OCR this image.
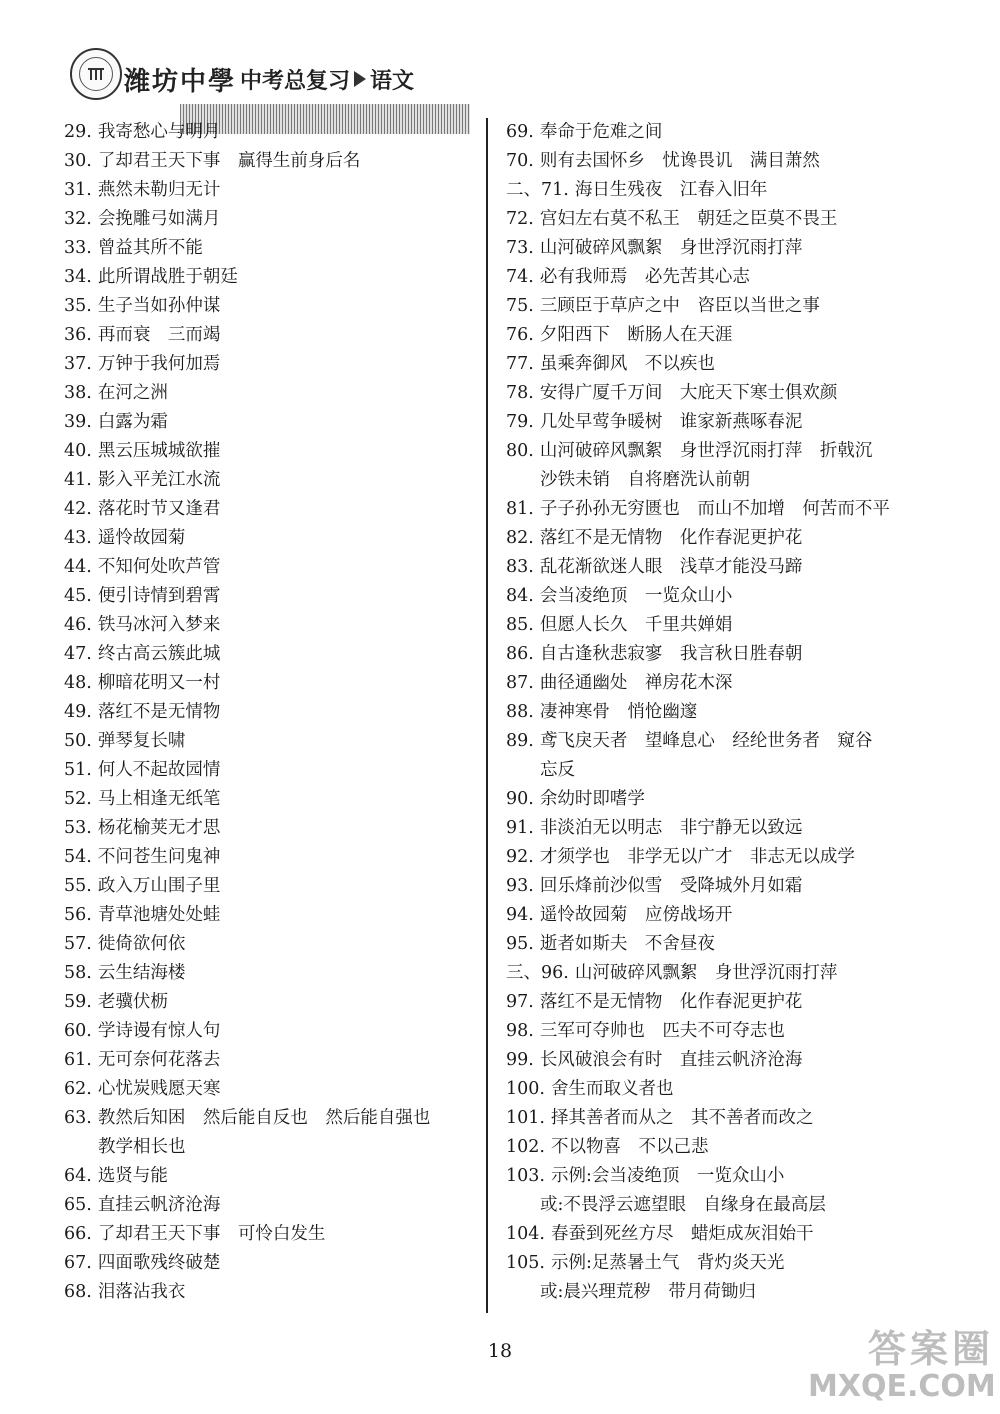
潍坊中學 中考总复习 语文
29. 我寄愁心与明月
30. 了却君王天下事　赢得生前身后名
31. 燕然未勒归无计
32. 会挽雕弓如满月
33. 曾益其所不能
34. 此所谓战胜于朝廷
35. 生子当如孙仲谋
36. 再而衰　三而竭
37. 万钟于我何加焉
38. 在河之洲
39. 白露为霜
40. 黑云压城城欲摧
41. 影入平羌江水流
42. 落花时节又逢君
43. 遥怜故园菊
44. 不知何处吹芦管
45. 便引诗情到碧霄
46. 铁马冰河入梦来
47. 终古高云簇此城
48. 柳暗花明又一村
49. 落红不是无情物
50. 弹琴复长啸
51. 何人不起故园情
52. 马上相逢无纸笔
53. 杨花榆荚无才思
54. 不问苍生问鬼神
55. 政入万山围子里
56. 青草池塘处处蛙
57. 徙倚欲何依
58. 云生结海楼
59. 老骥伏枥
60. 学诗谩有惊人句
61. 无可奈何花落去
62. 心忧炭贱愿天寒
63. 教然后知困　然后能自反也　然后能自强也
教学相长也
64. 选贤与能
65. 直挂云帆济沧海
66. 了却君王天下事　可怜白发生
67. 四面歌残终破楚
68. 泪落沾我衣
69. 奉命于危难之间
70. 则有去国怀乡　忧谗畏讥　满目萧然
二、71. 海日生残夜　江春入旧年
72. 宫妇左右莫不私王　朝廷之臣莫不畏王
73. 山河破碎风飘絮　身世浮沉雨打萍
74. 必有我师焉　必先苦其心志
75. 三顾臣于草庐之中　咨臣以当世之事
76. 夕阳西下　断肠人在天涯
77. 虽乘奔御风　不以疾也
78. 安得广厦千万间　大庇天下寒士俱欢颜
79. 几处早莺争暖树　谁家新燕啄春泥
80. 山河破碎风飘絮　身世浮沉雨打萍　折戟沉
沙铁未销　自将磨洗认前朝
81. 子子孙孙无穷匮也　而山不加增　何苦而不平
82. 落红不是无情物　化作春泥更护花
83. 乱花渐欲迷人眼　浅草才能没马蹄
84. 会当凌绝顶　一览众山小
85. 但愿人长久　千里共婵娟
86. 自古逢秋悲寂寥　我言秋日胜春朝
87. 曲径通幽处　禅房花木深
88. 凄神寒骨　悄怆幽邃
89. 鸢飞戾天者　望峰息心　经纶世务者　窥谷
忘反
90. 余幼时即嗜学
91. 非淡泊无以明志　非宁静无以致远
92. 才须学也　非学无以广才　非志无以成学
93. 回乐烽前沙似雪　受降城外月如霜
94. 遥怜故园菊　应傍战场开
95. 逝者如斯夫　不舍昼夜
三、96. 山河破碎风飘絮　身世浮沉雨打萍
97. 落红不是无情物　化作春泥更护花
98. 三军可夺帅也　匹夫不可夺志也
99. 长风破浪会有时　直挂云帆济沧海
100. 舍生而取义者也
101. 择其善者而从之　其不善者而改之
102. 不以物喜　不以己悲
103. 示例:会当凌绝顶　一览众山小
或:不畏浮云遮望眼　自缘身在最高层
104. 春蚕到死丝方尽　蜡炬成灰泪始干
105. 示例:足蒸暑土气　背灼炎天光
或:晨兴理荒秽　带月荷锄归
18	答案圈
MXQE.COM
